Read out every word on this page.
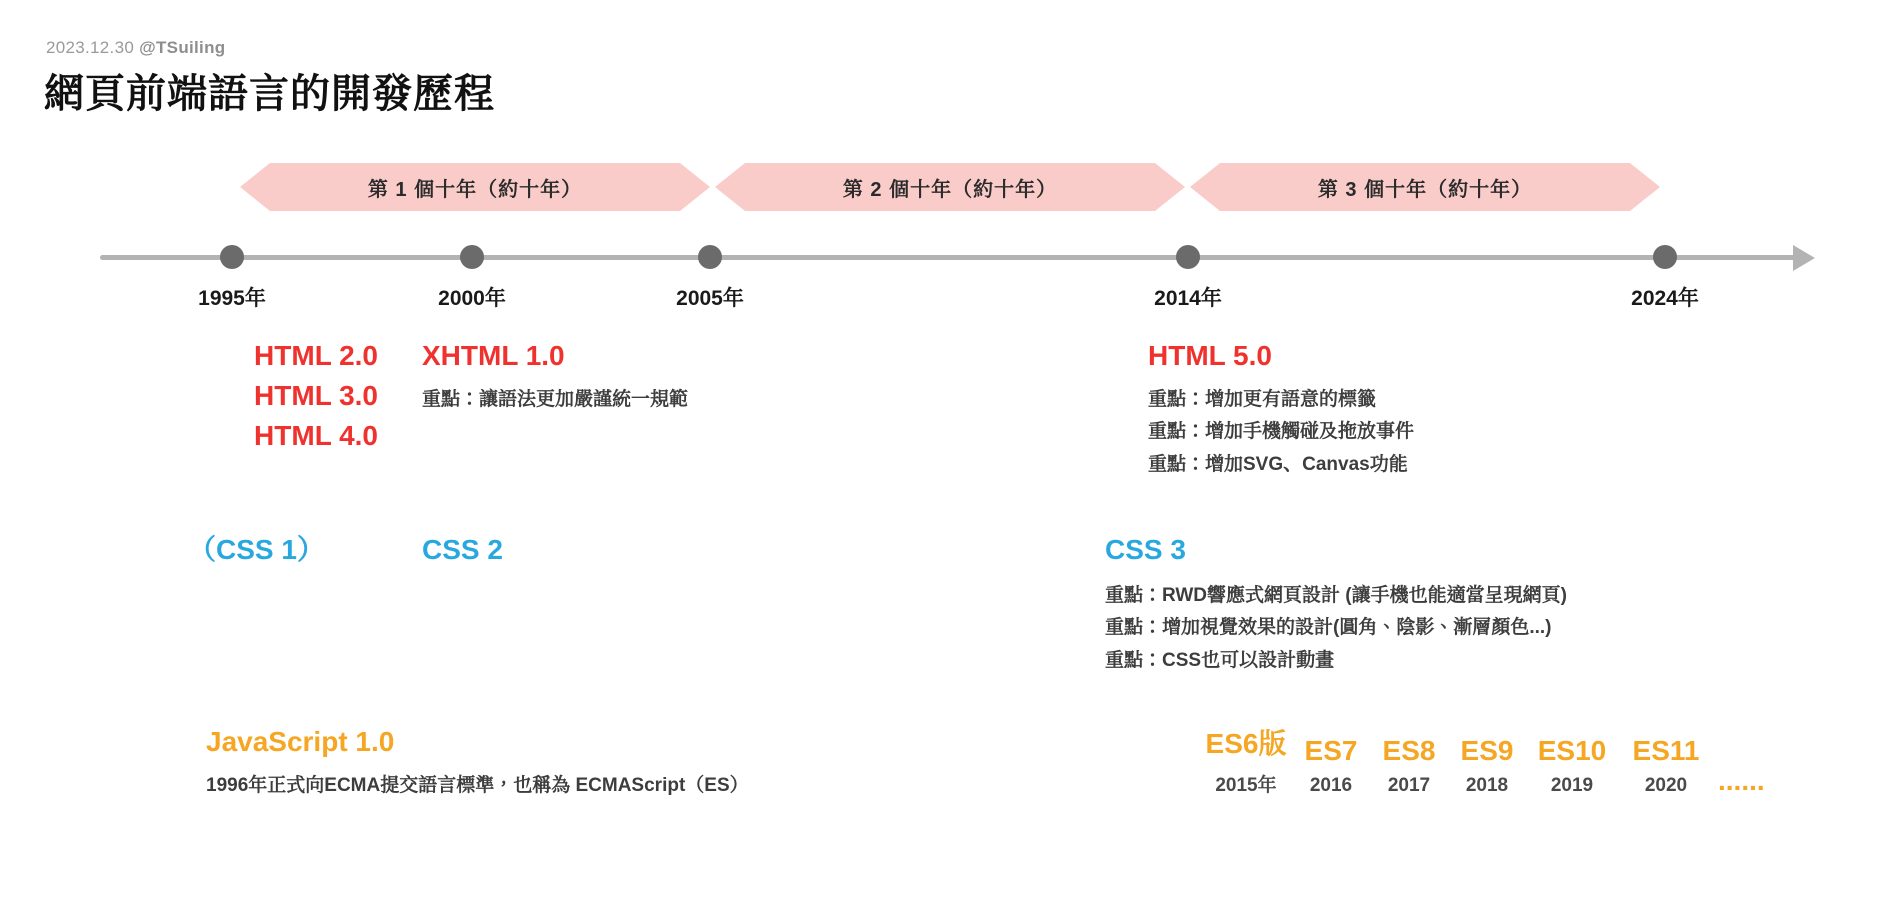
2023.12.30 @TSuiling
網頁前端語言的開發歷程
第 1 個十年（約十年）	第 2 個十年（約十年）	第 3 個十年（約十年）
1995年	2000年	2005年	2014年	2024年
HTML 2.0
HTML 3.0
HTML 4.0
XHTML 1.0
重點：讓語法更加嚴謹統一規範
HTML 5.0
重點：增加更有語意的標籤
重點：增加手機觸碰及拖放事件
重點：增加SVG、Canvas功能
（CSS 1）	CSS 2	CSS 3
重點：RWD響應式網頁設計 (讓手機也能適當呈現網頁)
重點：增加視覺效果的設計(圓角、陰影、漸層顏色...)
重點：CSS也可以設計動畫
JavaScript 1.0
1996年正式向ECMA提交語言標準，也稱為 ECMAScript（ES）
ES6版
2015年
ES7
2016
ES8
2017
ES9
2018
ES10
2019
ES11
2020	......
